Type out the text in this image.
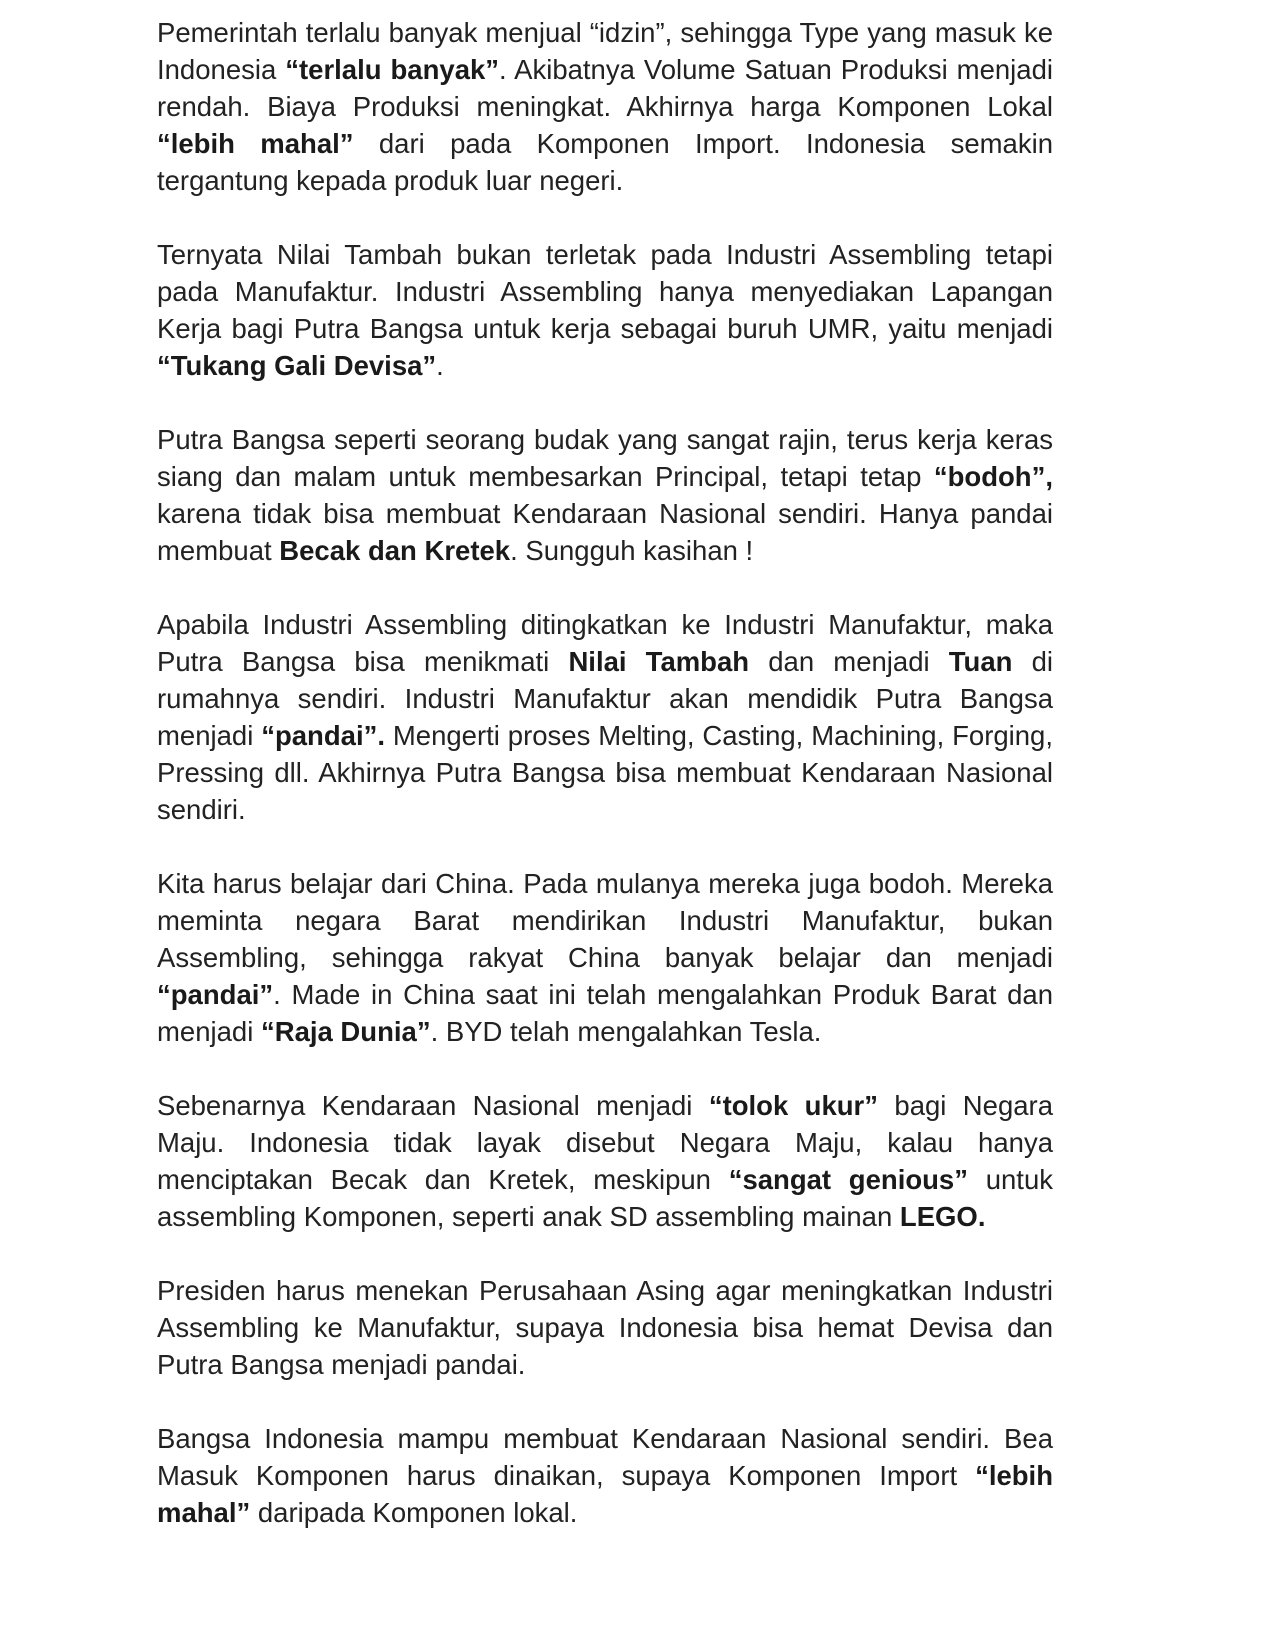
Pemerintah terlalu banyak menjual “idzin”, sehingga Type yang masuk ke Indonesia “terlalu banyak”. Akibatnya Volume Satuan Produksi menjadi rendah. Biaya Produksi meningkat. Akhirnya harga Komponen Lokal “lebih mahal” dari pada Komponen Import. Indonesia semakin tergantung kepada produk luar negeri.

Ternyata Nilai Tambah bukan terletak pada Industri Assembling tetapi pada Manufaktur. Industri Assembling hanya menyediakan Lapangan Kerja bagi Putra Bangsa untuk kerja sebagai buruh UMR, yaitu menjadi “Tukang Gali Devisa”.

Putra Bangsa seperti seorang budak yang sangat rajin, terus kerja keras siang dan malam untuk membesarkan Principal, tetapi tetap “bodoh”, karena tidak bisa membuat Kendaraan Nasional sendiri. Hanya pandai membuat Becak dan Kretek. Sungguh kasihan !

Apabila Industri Assembling ditingkatkan ke Industri Manufaktur, maka Putra Bangsa bisa menikmati Nilai Tambah dan menjadi Tuan di rumahnya sendiri. Industri Manufaktur akan mendidik Putra Bangsa menjadi “pandai”. Mengerti proses Melting, Casting, Machining, Forging, Pressing dll. Akhirnya Putra Bangsa bisa membuat Kendaraan Nasional sendiri.

Kita harus belajar dari China. Pada mulanya mereka juga bodoh. Mereka meminta negara Barat mendirikan Industri Manufaktur, bukan Assembling, sehingga rakyat China banyak belajar dan menjadi “pandai”. Made in China saat ini telah mengalahkan Produk Barat dan menjadi “Raja Dunia”. BYD telah mengalahkan Tesla.

Sebenarnya Kendaraan Nasional menjadi “tolok ukur” bagi Negara Maju. Indonesia tidak layak disebut Negara Maju, kalau hanya menciptakan Becak dan Kretek, meskipun “sangat genious” untuk assembling Komponen, seperti anak SD assembling mainan LEGO.

Presiden harus menekan Perusahaan Asing agar meningkatkan Industri Assembling ke Manufaktur, supaya Indonesia bisa hemat Devisa dan Putra Bangsa menjadi pandai.

Bangsa Indonesia mampu membuat Kendaraan Nasional sendiri. Bea Masuk Komponen harus dinaikan, supaya Komponen Import “lebih mahal” daripada Komponen lokal.
